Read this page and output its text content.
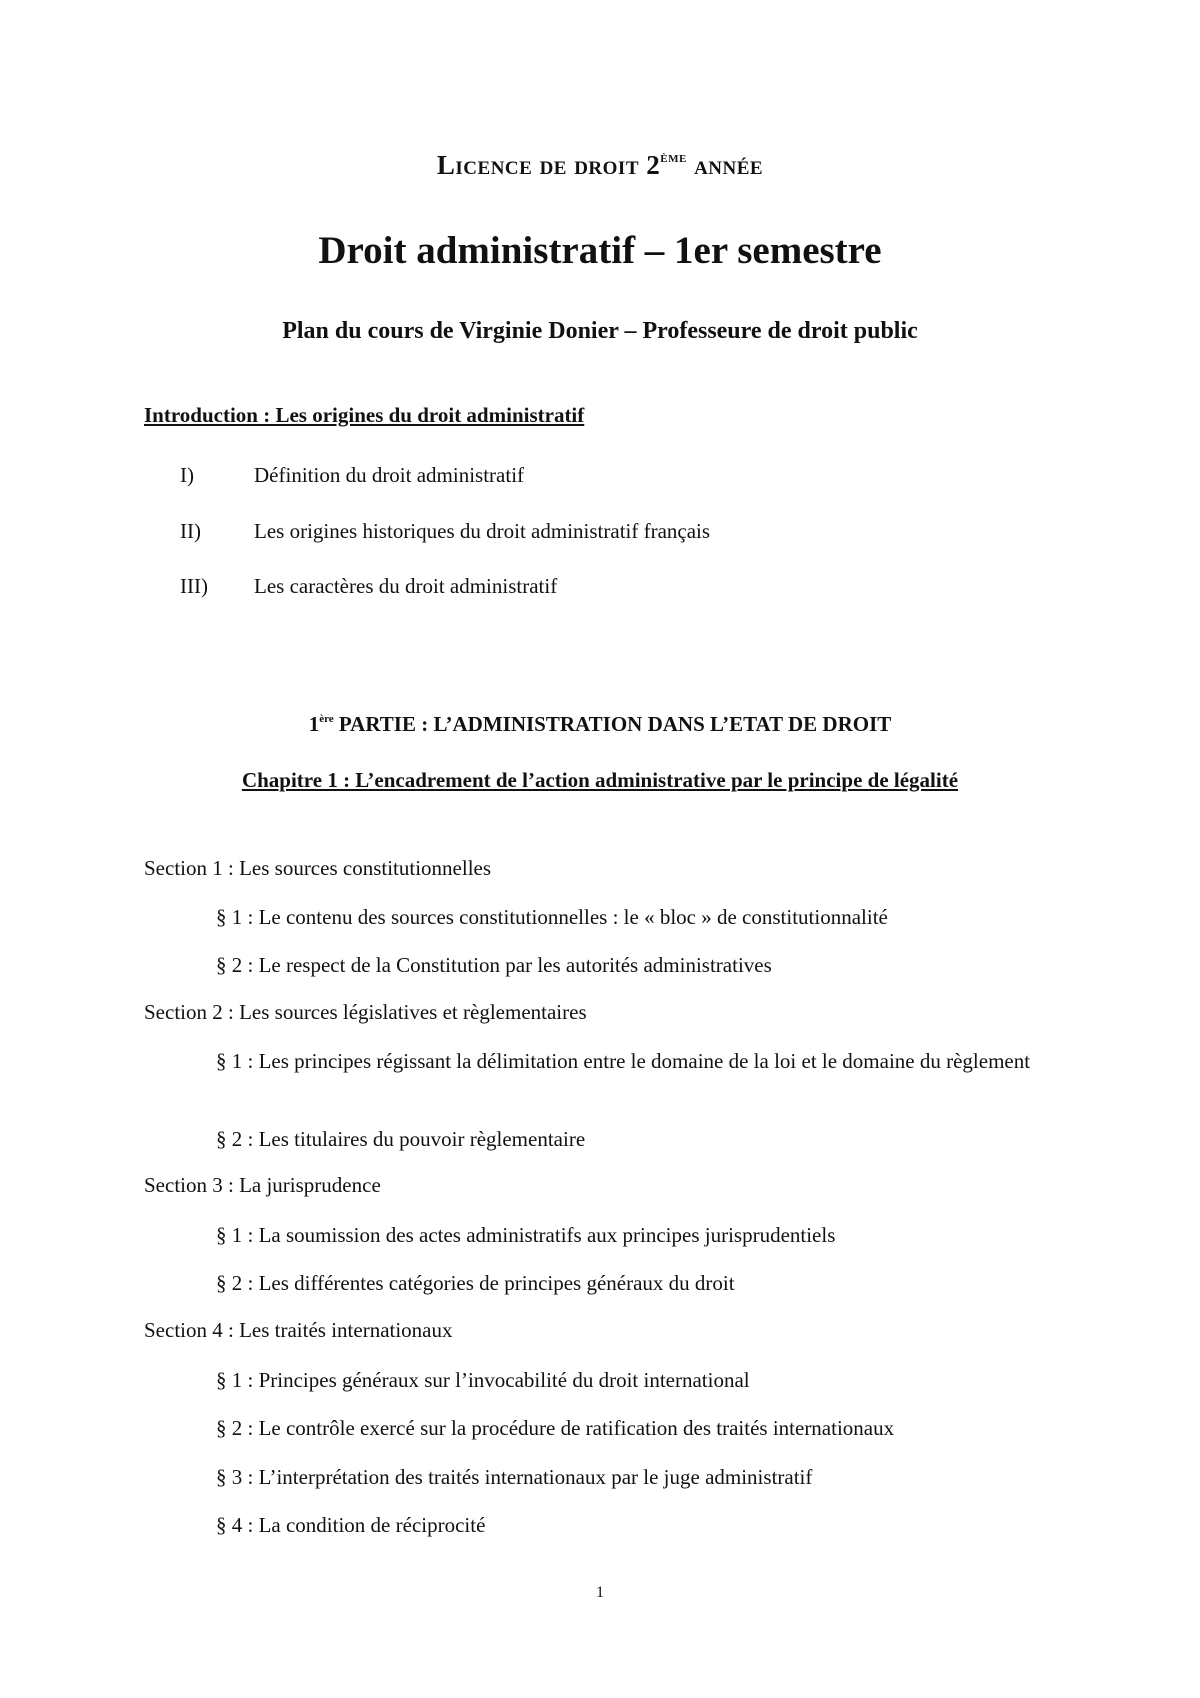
Licence de droit 2ème année
Droit administratif – 1er semestre
Plan du cours de Virginie Donier – Professeure de droit public
Introduction : Les origines du droit administratif
I)	Définition du droit administratif
II)	Les origines historiques du droit administratif français
III) Les caractères du droit administratif
1ère PARTIE : L’ADMINISTRATION DANS L’ETAT DE DROIT
Chapitre 1 : L’encadrement de l’action administrative par le principe de légalité
Section 1 : Les sources constitutionnelles
§ 1 : Le contenu des sources constitutionnelles : le « bloc » de constitutionnalité
§ 2 : Le respect de la Constitution par les autorités administratives
Section 2 : Les sources législatives et règlementaires
§ 1 : Les principes régissant la délimitation entre le domaine de la loi et le domaine du règlement
§ 2 : Les titulaires du pouvoir règlementaire
Section 3 : La jurisprudence
§ 1 : La soumission des actes administratifs aux principes jurisprudentiels
§ 2 : Les différentes catégories de principes généraux du droit
Section 4 : Les traités internationaux
§ 1 : Principes généraux sur l’invocabilité du droit international
§ 2 : Le contrôle exercé sur la procédure de ratification des traités internationaux
§ 3 : L’interprétation des traités internationaux par le juge administratif
§ 4 : La condition de réciprocité
1
